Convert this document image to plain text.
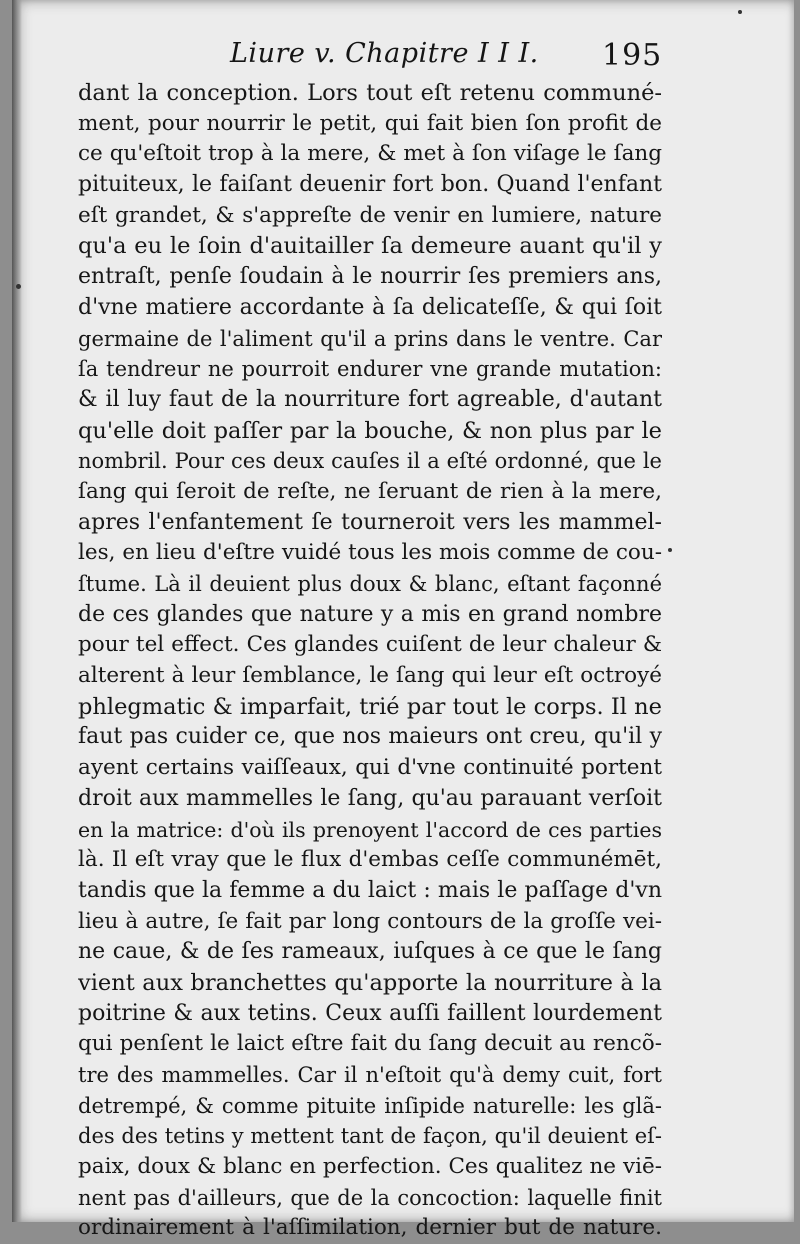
Liure v. Chapitre I I I. 195
dant la conception. Lors tout eſt retenu communé-
ment, pour nourrir le petit, qui fait bien ſon profit de
ce qu'eſtoit trop à la mere, & met à ſon viſage le ſang
pituiteux, le faiſant deuenir fort bon. Quand l'enfant
eſt grandet, & s'appreſte de venir en lumiere, nature
qu'a eu le ſoin d'auitailler ſa demeure auant qu'il y
entraſt, penſe ſoudain à le nourrir ſes premiers ans,
d'vne matiere accordante à ſa delicateſſe, & qui ſoit
germaine de l'aliment qu'il a prins dans le ventre. Car
ſa tendreur ne pourroit endurer vne grande mutation:
& il luy faut de la nourriture fort agreable, d'autant
qu'elle doit paſſer par la bouche, & non plus par le
nombril. Pour ces deux cauſes il a eſté ordonné, que le
ſang qui ſeroit de reſte, ne ſeruant de rien à la mere,
apres l'enfantement ſe tourneroit vers les mammel-
les, en lieu d'eſtre vuidé tous les mois comme de cou-
ſtume. Là il deuient plus doux & blanc, eſtant façonné
de ces glandes que nature y a mis en grand nombre
pour tel effect. Ces glandes cuiſent de leur chaleur &
alterent à leur ſemblance, le ſang qui leur eſt octroyé
phlegmatic & imparfait, trié par tout le corps. Il ne
faut pas cuider ce, que nos maieurs ont creu, qu'il y
ayent certains vaiſſeaux, qui d'vne continuité portent
droit aux mammelles le ſang, qu'au parauant verſoit
en la matrice: d'où ils prenoyent l'accord de ces parties
là. Il eſt vray que le flux d'embas ceſſe communémēt,
tandis que la femme a du laict : mais le paſſage d'vn
lieu à autre, ſe fait par long contours de la groſſe vei-
ne caue, & de ſes rameaux, iuſques à ce que le ſang
vient aux branchettes qu'apporte la nourriture à la
poitrine & aux tetins. Ceux auſſi faillent lourdement
qui penſent le laict eſtre fait du ſang decuit au rencõ-
tre des mammelles. Car il n'eſtoit qu'à demy cuit, fort
detrempé, & comme pituite inſipide naturelle: les glã-
des des tetins y mettent tant de façon, qu'il deuient eſ-
paix, doux & blanc en perfection. Ces qualitez ne viē-
nent pas d'ailleurs, que de la concoction: laquelle finit
ordinairement à l'aſſimilation, dernier but de nature.
